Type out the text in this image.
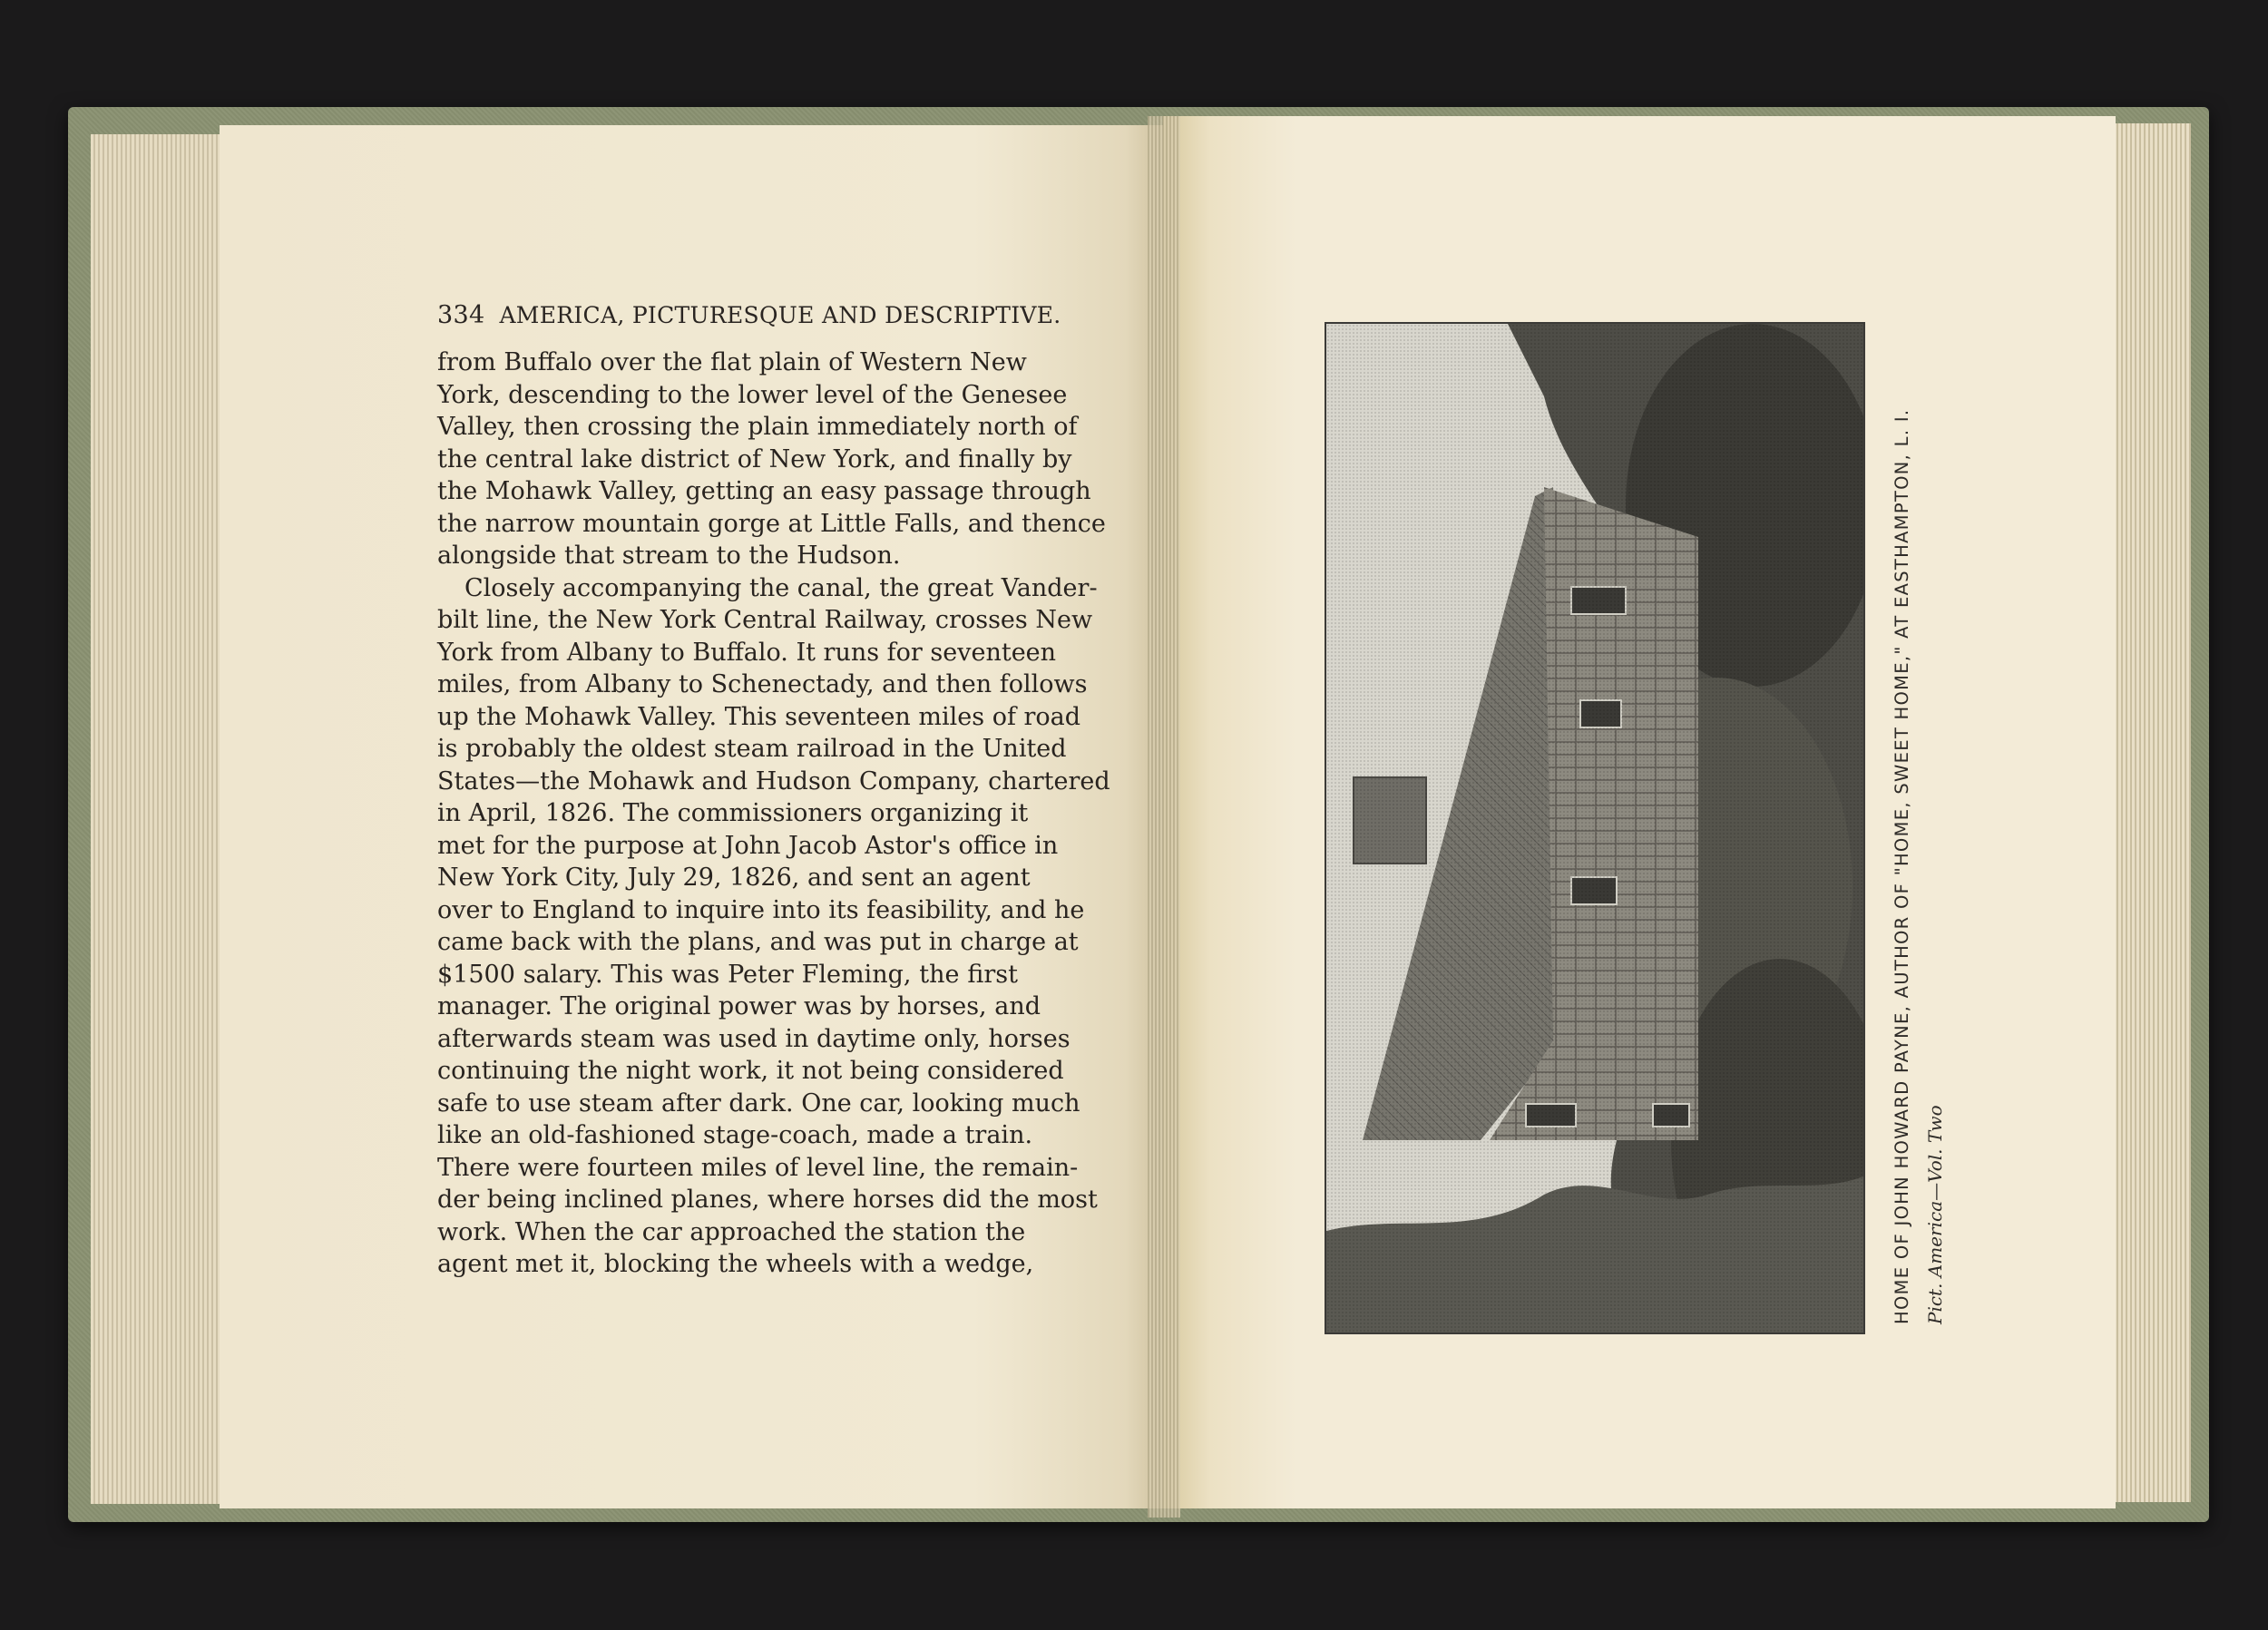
334 AMERICA, PICTURESQUE AND DESCRIPTIVE.
from Buffalo over the flat plain of Western New
York, descending to the lower level of the Genesee
Valley, then crossing the plain immediately north of
the central lake district of New York, and finally by
the Mohawk Valley, getting an easy passage through
the narrow mountain gorge at Little Falls, and thence
alongside that stream to the Hudson.
Closely accompanying the canal, the great Vander-
bilt line, the New York Central Railway, crosses New
York from Albany to Buffalo. It runs for seventeen
miles, from Albany to Schenectady, and then follows
up the Mohawk Valley. This seventeen miles of road
is probably the oldest steam railroad in the United
States—the Mohawk and Hudson Company, chartered
in April, 1826. The commissioners organizing it
met for the purpose at John Jacob Astor's office in
New York City, July 29, 1826, and sent an agent
over to England to inquire into its feasibility, and he
came back with the plans, and was put in charge at
$1500 salary. This was Peter Fleming, the first
manager. The original power was by horses, and
afterwards steam was used in daytime only, horses
continuing the night work, it not being considered
safe to use steam after dark. One car, looking much
like an old-fashioned stage-coach, made a train.
There were fourteen miles of level line, the remain-
der being inclined planes, where horses did the most
work. When the car approached the station the
agent met it, blocking the wheels with a wedge,	HOME OF JOHN HOWARD PAYNE, AUTHOR OF "HOME, SWEET HOME," AT EASTHAMPTON, L. I. Pict. America—Vol. Two
